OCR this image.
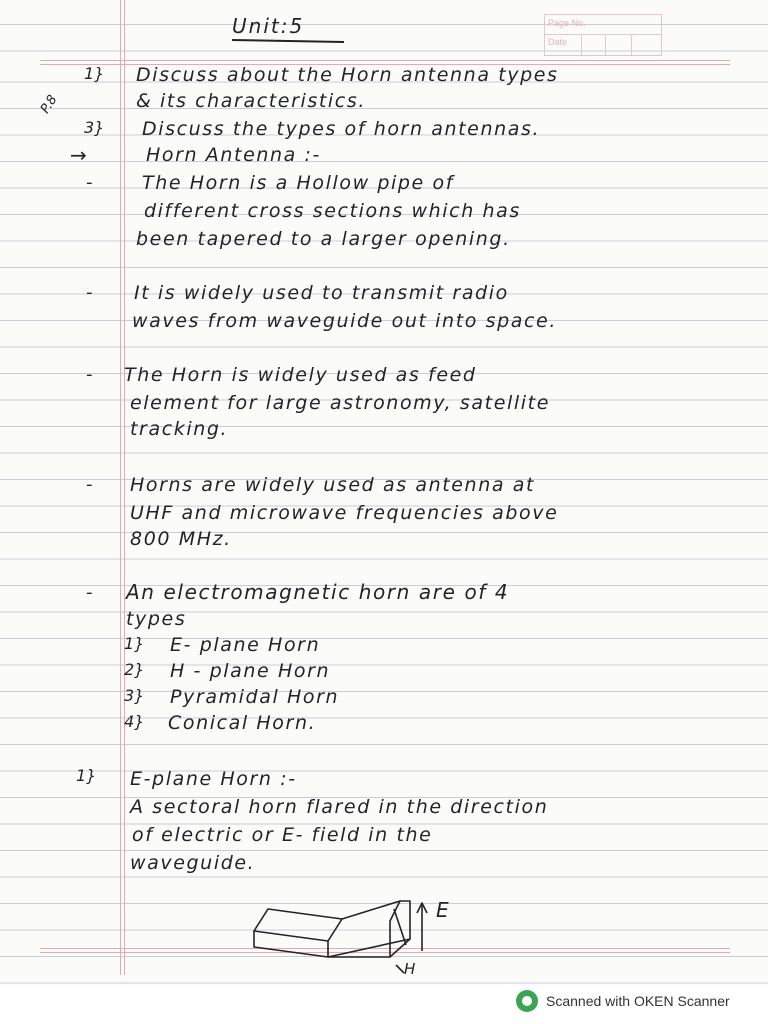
Page No.
Date
Unit:5
P.8
1} Discuss about the Horn antenna types
& its characteristics.
3} Discuss the types of horn antennas.
→	Horn Antenna :-
-	The Horn is a Hollow pipe of
different cross sections which has
been tapered to a larger opening.
- It is widely used to transmit radio
waves from waveguide out into space.
- The Horn is widely used as feed
element for large astronomy, satellite
tracking.
- Horns are widely used as antenna at
UHF and microwave frequencies above
800 MHz.
- An electromagnetic horn are of 4
types
1} E- plane Horn
2} H - plane Horn
3} Pyramidal Horn
4} Conical Horn.
1} E-plane Horn :-
A sectoral horn flared in the direction
of electric or E- field in the
waveguide.
E
H
Scanned with OKEN Scanner
